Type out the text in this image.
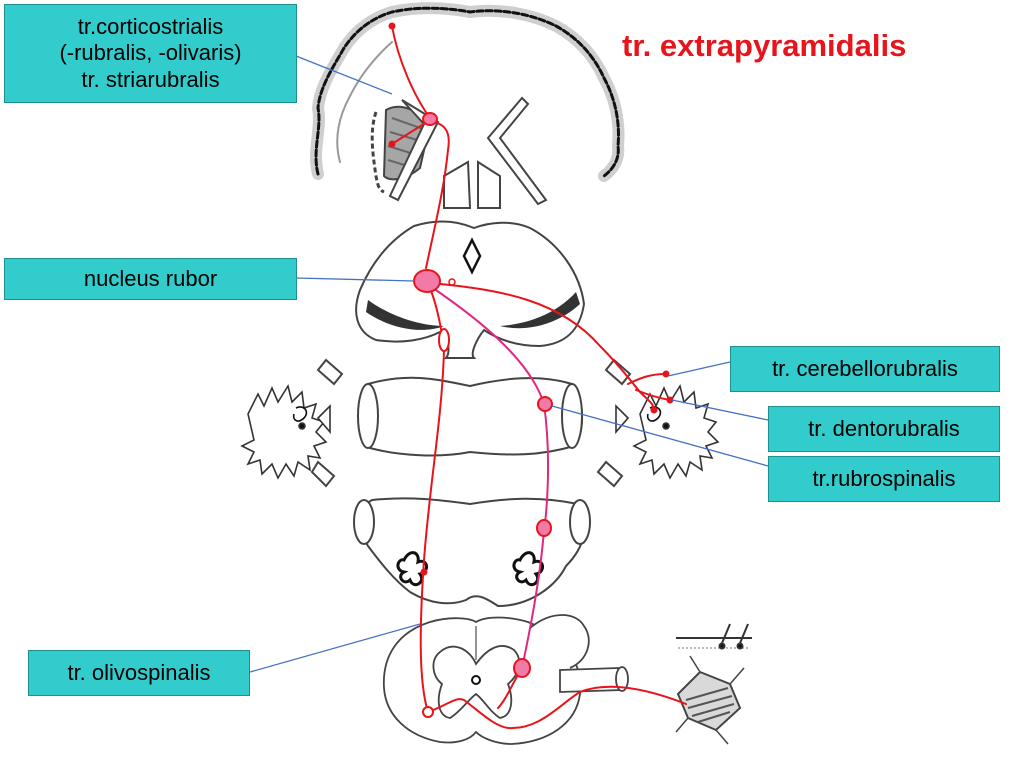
tr. extrapyramidalis
tr.corticostrialis
(-rubralis, -olivaris)
tr. striarubralis
nucleus rubor
tr. cerebellorubralis
tr. dentorubralis
tr.rubrospinalis
tr. olivospinalis
